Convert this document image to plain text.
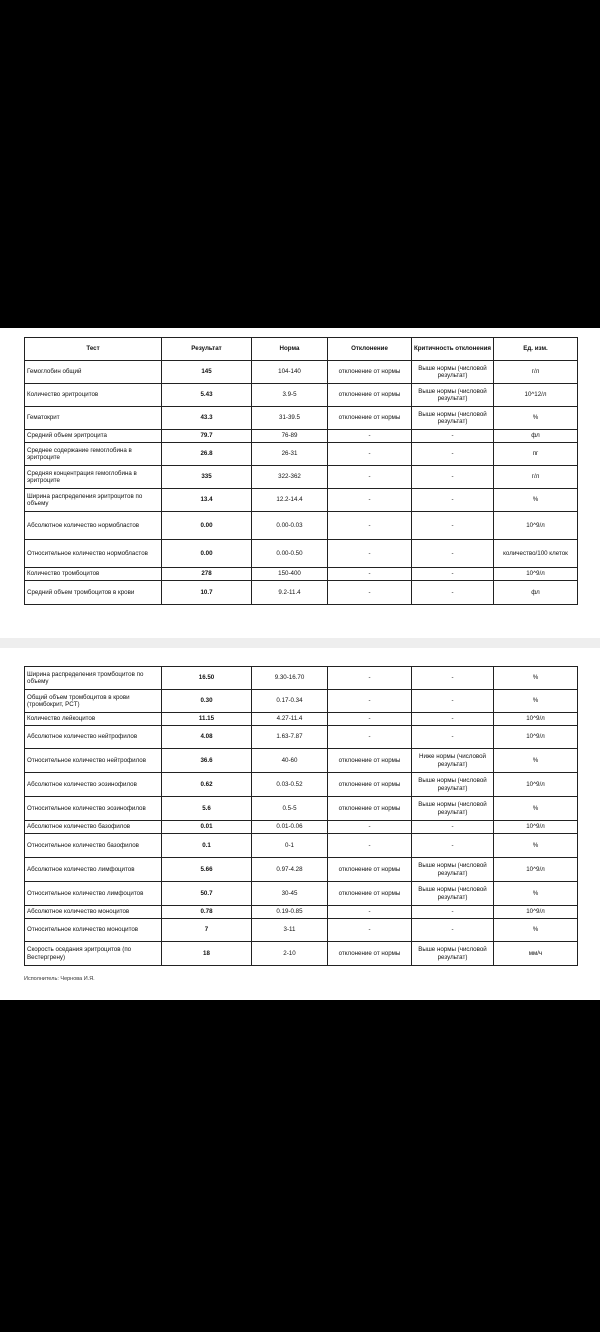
Тест	Результат	Норма	Отклонение	Критичность отклонения	Ед. изм.
Гемоглобин общий	145	104-140	отклонение от нормы	Выше нормы (числовой результат)	г/л
Количество эритроцитов	5.43	3.9-5	отклонение от нормы	Выше нормы (числовой результат)	10^12/л
Гематокрит	43.3	31-39.5	отклонение от нормы	Выше нормы (числовой результат)	%
Средний объем эритроцита	79.7	76-89	-	-	фл
Среднее содержание гемоглобина в эритроците	26.8	26-31	-	-	пг
Средняя концентрация гемоглобина в эритроците	335	322-362	-	-	г/л
Ширина распределения эритроцитов по объему	13.4	12.2-14.4	-	-	%
Абсолютное количество нормобластов	0.00	0.00-0.03	-	-	10^9/л
Относительное количество нормобластов	0.00	0.00-0.50	-	-	количество/100 клеток
Количество тромбоцитов	278	150-400	-	-	10^9/л
Средний объем тромбоцитов в крови	10.7	9.2-11.4	-	-	фл
Ширина распределения тромбоцитов по объему	16.50	9.30-16.70	-	-	%
Общий объем тромбоцитов в крови (тромбокрит, PCT)	0.30	0.17-0.34	-	-	%
Количество лейкоцитов	11.15	4.27-11.4	-	-	10^9/л
Абсолютное количество нейтрофилов	4.08	1.63-7.87	-	-	10^9/л
Относительное количество нейтрофилов	36.6	40-60	отклонение от нормы	Ниже нормы (числовой результат)	%
Абсолютное количество эозинофилов	0.62	0.03-0.52	отклонение от нормы	Выше нормы (числовой результат)	10^9/л
Относительное количество эозинофилов	5.6	0.5-5	отклонение от нормы	Выше нормы (числовой результат)	%
Абсолютное количество базофилов	0.01	0.01-0.06	-	-	10^9/л
Относительное количество базофилов	0.1	0-1	-	-	%
Абсолютное количество лимфоцитов	5.66	0.97-4.28	отклонение от нормы	Выше нормы (числовой результат)	10^9/л
Относительное количество лимфоцитов	50.7	30-45	отклонение от нормы	Выше нормы (числовой результат)	%
Абсолютное количество моноцитов	0.78	0.19-0.85	-	-	10^9/л
Относительное количество моноцитов	7	3-11	-	-	%
Скорость оседания эритроцитов (по Вестергрену)	18	2-10	отклонение от нормы	Выше нормы (числовой результат)	мм/ч
Исполнитель: Чернова И.Я.
